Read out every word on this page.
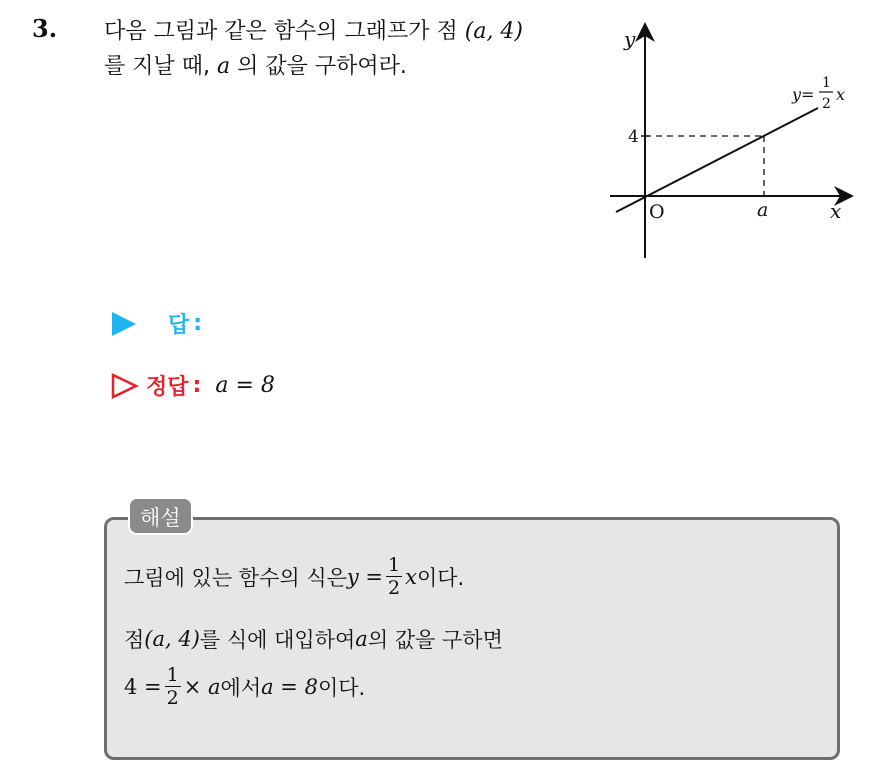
3. 다음 그림과 같은 함수의 그래프가 점 (a, 4)
를 지날 때, a 의 값을 구하여라.
y
x
O
4
a
y=
1
2 x
답 :
정답 : a = 8
해설
그림에 있는 함수의 식은 $y = \frac{1}{2}$ x 이다.
점 (a, 4) 를 식에 대입하여 a 의 값을 구하면
$4 = \frac{1}{2} \times a$ 에서 a = 8 이다.
